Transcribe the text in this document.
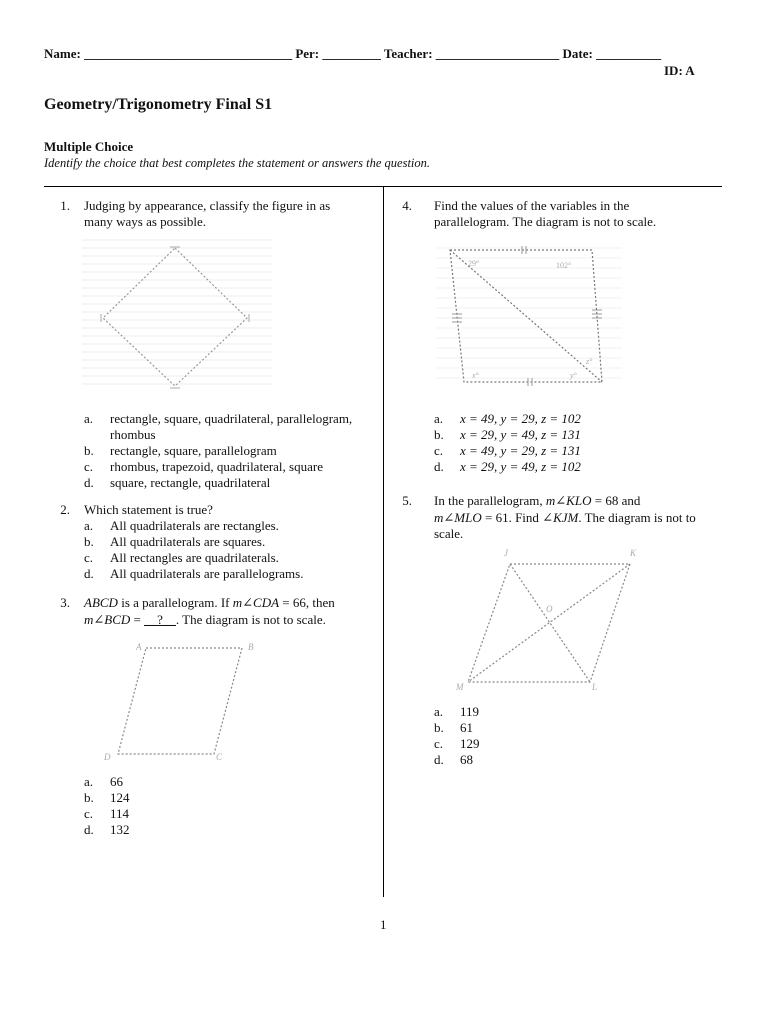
Name: ________________________________ Per: _________ Teacher: ___________________ Date: __________
ID: A
Geometry/Trigonometry Final S1
Multiple Choice
Identify the choice that best completes the statement or answers the question.
1. Judging by appearance, classify the figure in as
many ways as possible.
a. rectangle, square, quadrilateral, parallelogram,
rhombus
b. rectangle, square, parallelogram
c. rhombus, trapezoid, quadrilateral, square
d. square, rectangle, quadrilateral
2. Which statement is true?
a. All quadrilaterals are rectangles.
b. All quadrilaterals are squares.
c. All rectangles are quadrilaterals.
d. All quadrilaterals are parallelograms.
3. ABCD is a parallelogram. If m∠CDA = 66, then
m∠BCD = __?__. The diagram is not to scale.
A	B
C
D
a. 66
b. 124
c. 114
d. 132
4. Find the values of the variables in the
parallelogram. The diagram is not to scale.
29°	102°
x°	y°
z°
a. x = 49, y = 29, z = 102
b. x = 29, y = 49, z = 131
c. x = 49, y = 29, z = 131
d. x = 29, y = 49, z = 102
5. In the parallelogram, m∠KLO = 68 and
m∠MLO = 61. Find ∠KJM. The diagram is not to
scale.
J	K
L
M
O
a. 119
b. 61
c. 129
d. 68
1
